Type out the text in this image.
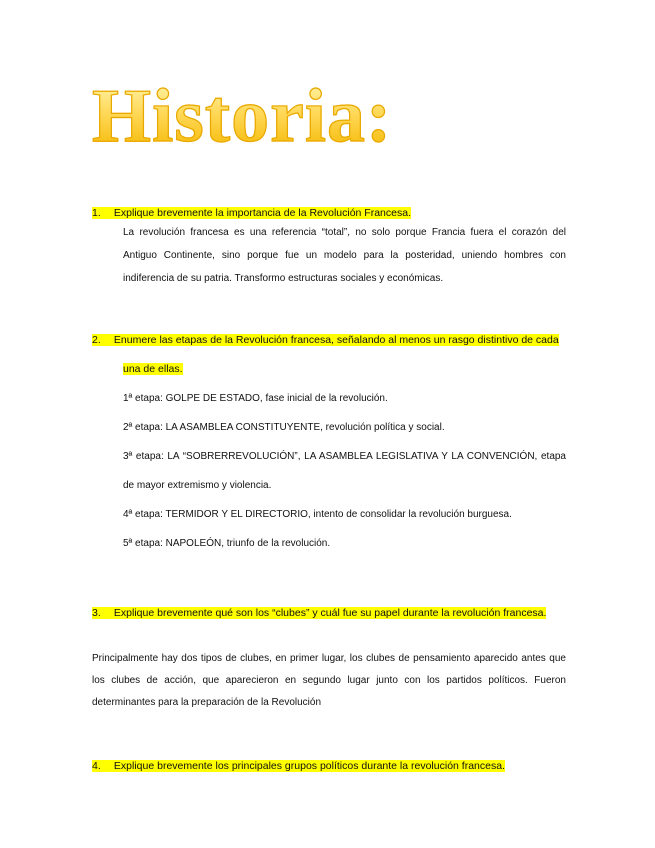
Historia:
1. Explique brevemente la importancia de la Revolución Francesa.

La revolución francesa es una referencia “total”, no solo porque Francia fuera el corazón del Antiguo Continente, sino porque fue un modelo para la posteridad, uniendo hombres con indiferencia de su patria. Transformo estructuras sociales y económicas.

2. Enumere las etapas de la Revolución francesa, señalando al menos un rasgo distintivo de cada
una de ellas.
1ª etapa: GOLPE DE ESTADO, fase inicial de la revolución.
2ª etapa: LA ASAMBLEA CONSTITUYENTE, revolución política y social.
3ª etapa: LA “SOBRERREVOLUCIÓN”, LA ASAMBLEA LEGISLATIVA Y LA CONVENCIÓN, etapa de mayor extremismo y violencia.
4ª etapa: TERMIDOR Y EL DIRECTORIO, intento de consolidar la revolución burguesa.
5ª etapa: NAPOLEÓN, triunfo de la revolución.
3. Explique brevemente qué son los “clubes” y cuál fue su papel durante la revolución francesa.
Principalmente hay dos tipos de clubes, en primer lugar, los clubes de pensamiento aparecido antes que los clubes de acción, que aparecieron en segundo lugar junto con los partidos políticos. Fueron determinantes para la preparación de la Revolución
4. Explique brevemente los principales grupos políticos durante la revolución francesa.
